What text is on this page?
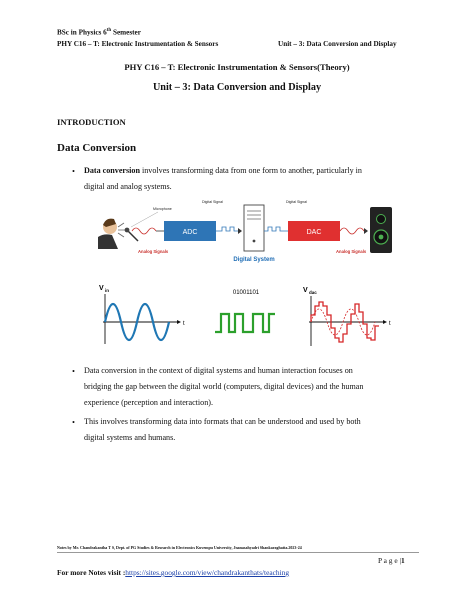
BSc in Physics 6th Semester
PHY C16 – T: Electronic Instrumentation & Sensors	Unit – 3: Data Conversion and Display
PHY C16 – T: Electronic Instrumentation & Sensors(Theory)
Unit – 3: Data Conversion and Display
INTRODUCTION
Data Conversion
•	Data conversion involves transforming data from one form to another, particularly in
digital and analog systems.
Microphone
ADC
Digital Signal
Digital System
Digital Signal
DAC
Analog Signals	Analog Signals
V in
t
01001101	V dac
t
•	Data conversion in the context of digital systems and human interaction focuses on
bridging the gap between the digital world (computers, digital devices) and the human
experience (perception and interaction).
•	This involves transforming data into formats that can be understood and used by both
digital systems and humans.
Notes by Mr. Chandrakantha T S, Dept. of PG Studies & Research in Electronics Kuvempu University, Jnanasahyadri Shankaraghatta.2023-24
P a g e |1
For more Notes visit :https://sites.google.com/view/chandrakanthats/teaching
